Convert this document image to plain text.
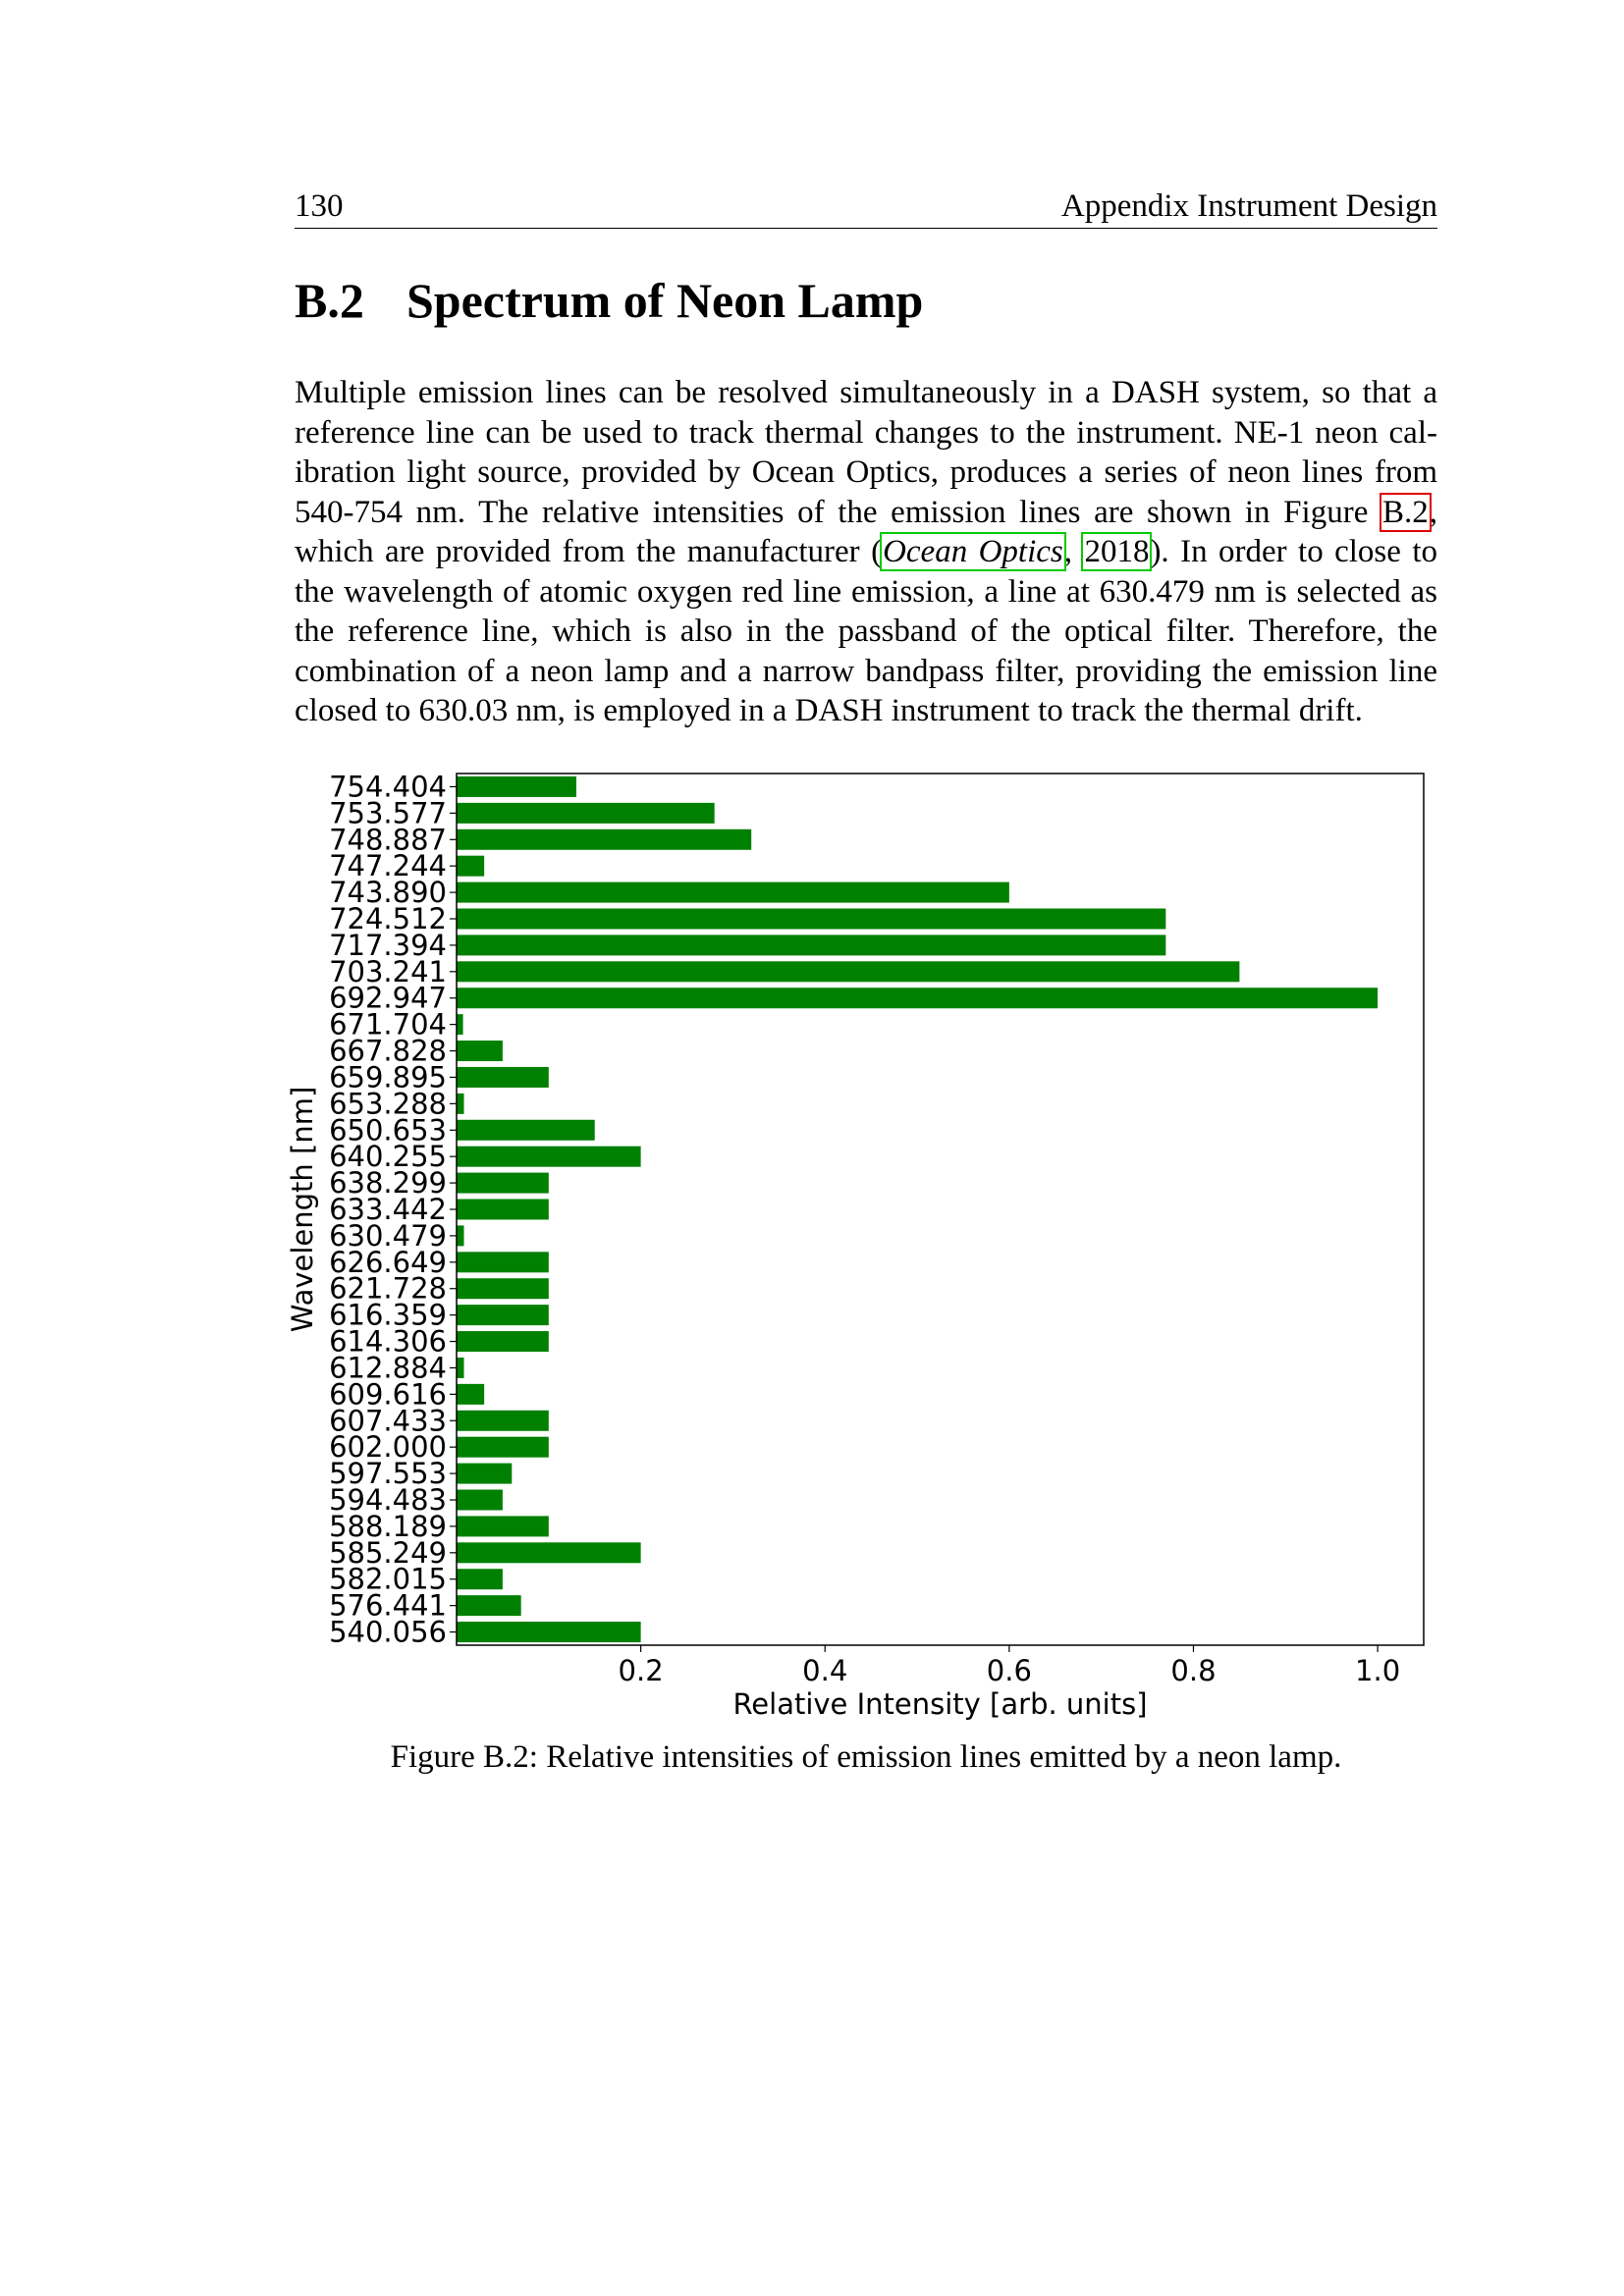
130	Appendix Instrument Design
B.2 Spectrum of Neon Lamp
Multiple emission lines can be resolved simultaneously in a DASH system, so that a reference line can be used to track thermal changes to the instrument. NE-1 neon cal-ibration light source, provided by Ocean Optics, produces a series of neon lines from 540-754 nm. The relative intensities of the emission lines are shown in Figure B.2, which are provided from the manufacturer (Ocean Optics, 2018). In order to close to the wavelength of atomic oxygen red line emission, a line at 630.479 nm is selected as the reference line, which is also in the passband of the optical filter. Therefore, the combination of a neon lamp and a narrow bandpass filter, providing the emission line closed to 630.03 nm, is employed in a DASH instrument to track the thermal drift.
754.404
753.577
748.887
747.244
743.890
724.512
717.394
703.241
692.947
671.704
667.828
659.895
653.288
650.653
640.255
638.299
633.442
630.479
626.649
621.728
616.359
614.306
612.884
609.616
607.433
602.000
597.553
594.483
588.189
585.249
582.015
576.441
540.056
0.2	0.4	0.6	0.8	1.0
Relative Intensity [arb. units]
Wavelength [nm]
Figure B.2: Relative intensities of emission lines emitted by a neon lamp.
